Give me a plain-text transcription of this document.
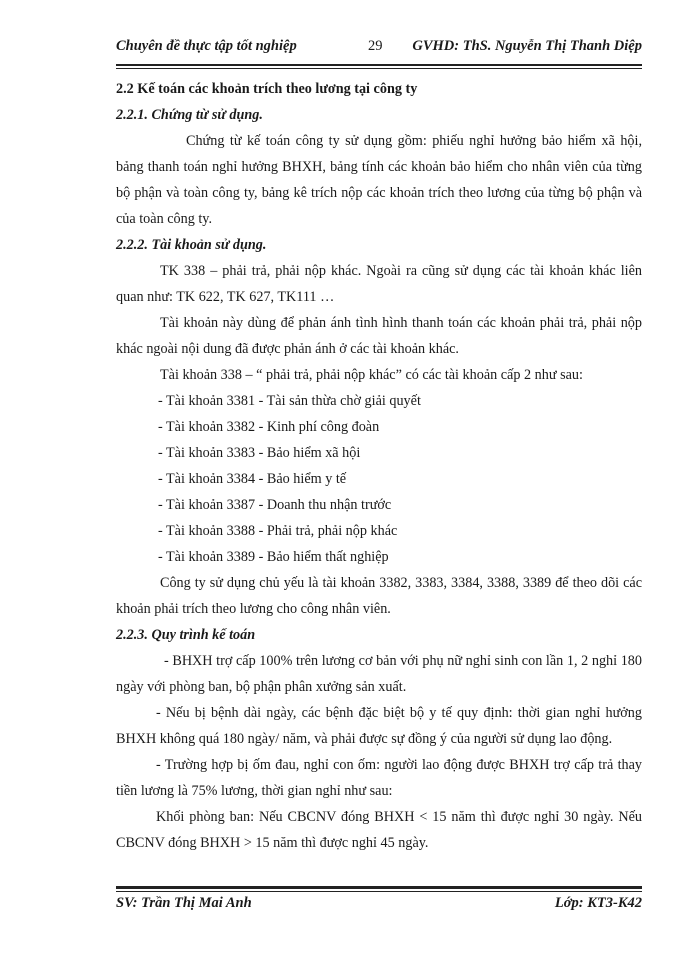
Chuyên đề thực tập tốt nghiệp	29 GVHD: ThS. Nguyễn Thị Thanh Diệp

2.2 Kế toán các khoản trích theo lương tại công ty

2.2.1. Chứng từ sử dụng.

Chứng từ kế toán công ty sử dụng gồm: phiếu nghỉ hưởng bảo hiểm xã hội, bảng thanh toán nghỉ hưởng BHXH, bảng tính các khoản bảo hiểm cho nhân viên của từng bộ phận và toàn công ty, bảng kê trích nộp các khoản trích theo lương của từng bộ phận và của toàn công ty.

2.2.2. Tài khoản sử dụng.

TK 338 – phải trả, phải nộp khác. Ngoài ra cũng sử dụng các tài khoản khác liên quan như: TK 622, TK 627, TK111 …

Tài khoản này dùng để phản ánh tình hình thanh toán các khoản phải trả, phải nộp khác ngoài nội dung đã được phản ánh ở các tài khoản khác.

Tài khoản 338 – “ phải trả, phải nộp khác” có các tài khoản cấp 2 như sau:

- Tài khoản 3381 - Tài sản thừa chờ giải quyết

- Tài khoản 3382 - Kinh phí công đoàn

- Tài khoản 3383 - Bảo hiểm xã hội

- Tài khoản 3384 - Bảo hiểm y tế

- Tài khoản 3387 - Doanh thu nhận trước

- Tài khoản 3388 - Phải trả, phải nộp khác

- Tài khoản 3389 - Bảo hiểm thất nghiệp

Công ty sử dụng chủ yếu là tài khoản 3382, 3383, 3384, 3388, 3389 để theo dõi các khoản phải trích theo lương cho công nhân viên.

2.2.3. Quy trình kế toán

- BHXH trợ cấp 100% trên lương cơ bản với phụ nữ nghỉ sinh con lần 1, 2 nghỉ 180 ngày với phòng ban, bộ phận phân xưởng sản xuất.

- Nếu bị bệnh dài ngày, các bệnh đặc biệt bộ y tế quy định: thời gian nghỉ hưởng BHXH không quá 180 ngày/ năm, và phải được sự đồng ý của người sử dụng lao động.

- Trường hợp bị ốm đau, nghỉ con ốm: người lao động được BHXH trợ cấp trả thay tiền lương là 75% lương, thời gian nghỉ như sau:

Khối phòng ban: Nếu CBCNV đóng BHXH < 15 năm thì được nghỉ 30 ngày. Nếu CBCNV đóng BHXH > 15 năm thì được nghỉ 45 ngày.

SV: Trần Thị Mai Anh	Lớp: KT3-K42
